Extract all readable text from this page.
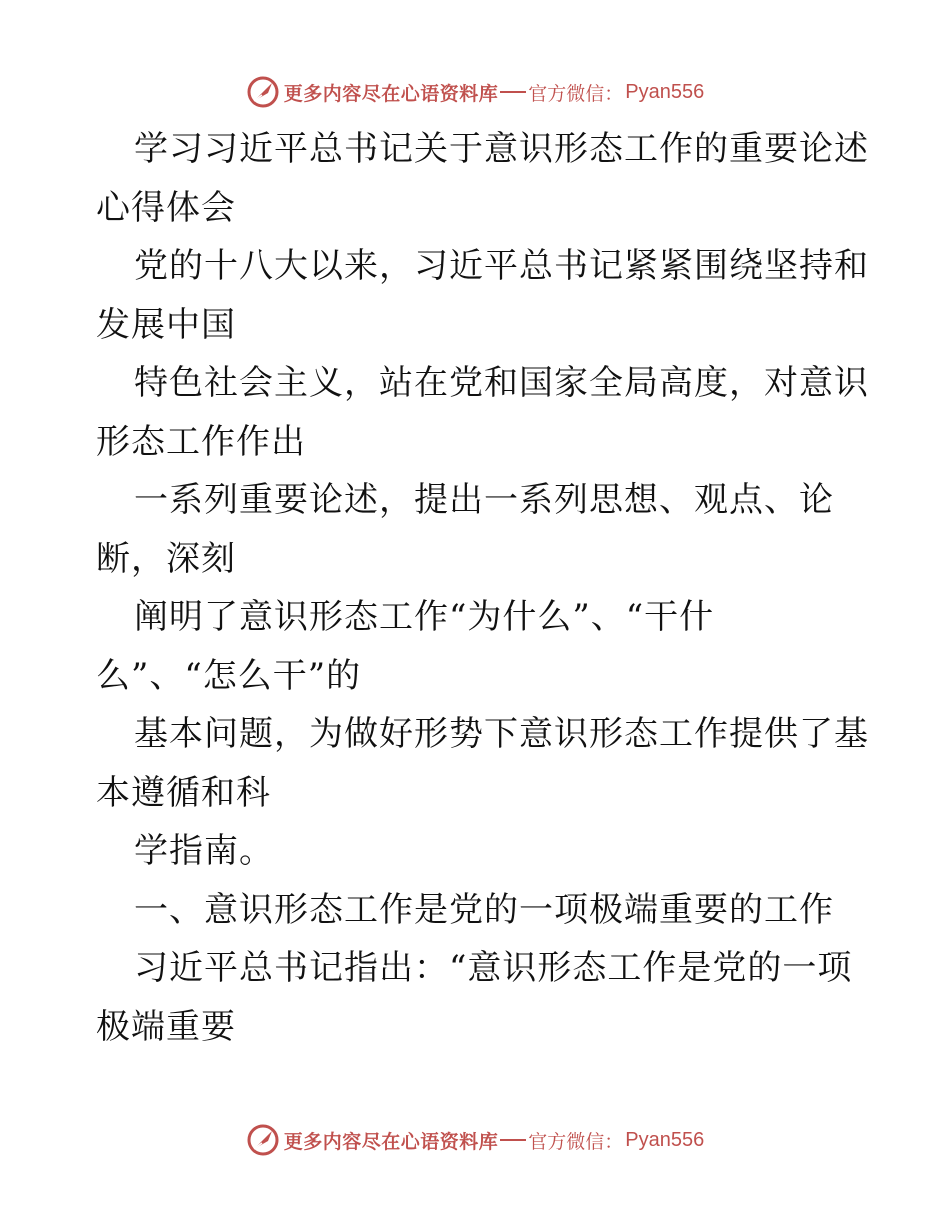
更多内容尽在心语资料库 官方微信： Pyan556
学习习近平总书记关于意识形态工作的重要论述
心得体会
党的十八大以来，习近平总书记紧紧围绕坚持和
发展中国
特色社会主义，站在党和国家全局高度，对意识
形态工作作出
一系列重要论述，提出一系列思想、观点、论
断，深刻
阐明了意识形态工作“为什么”、“干什
么”、“怎么干”的
基本问题，为做好形势下意识形态工作提供了基
本遵循和科
学指南。
一、意识形态工作是党的一项极端重要的工作
习近平总书记指出：“意识形态工作是党的一项
极端重要
更多内容尽在心语资料库 官方微信： Pyan556
